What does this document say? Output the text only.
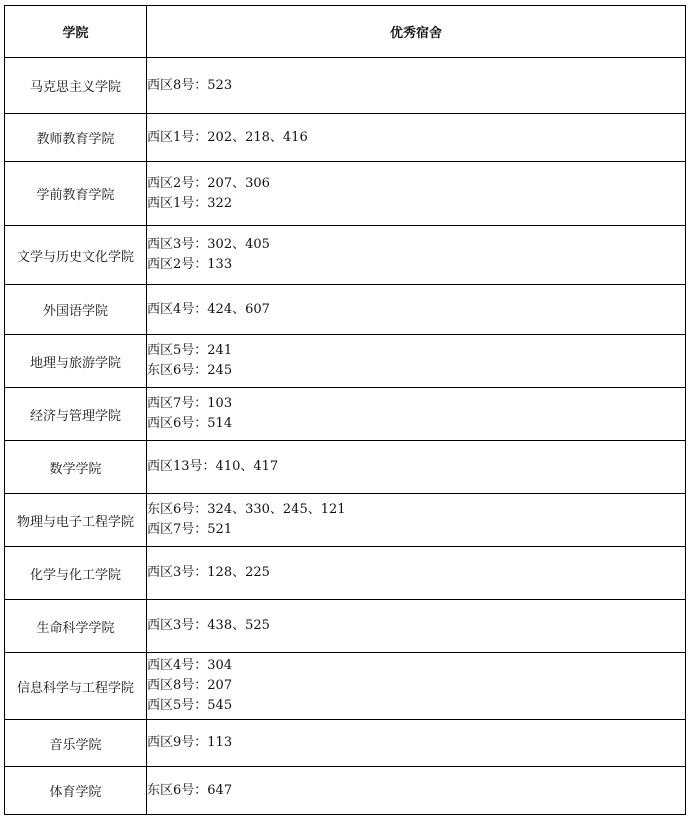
学院	优秀宿舍
马克思主义学院	西区8号：523

教师教育学院	西区1号：202、218、416

学前教育学院	西区2号：207、306
西区1号：322

文学与历史文化学院	西区3号：302、405
西区2号：133

外国语学院	西区4号：424、607

地理与旅游学院	西区5号：241
东区6号：245

经济与管理学院	西区7号：103
西区6号：514

数学学院	西区13号：410、417

物理与电子工程学院	东区6号：324、330、245、121
西区7号：521

化学与化工学院	西区3号：128、225

生命科学学院	西区3号：438、525

信息科学与工程学院	西区4号：304
西区8号：207
西区5号：545

音乐学院	西区9号：113

体育学院	东区6号：647
